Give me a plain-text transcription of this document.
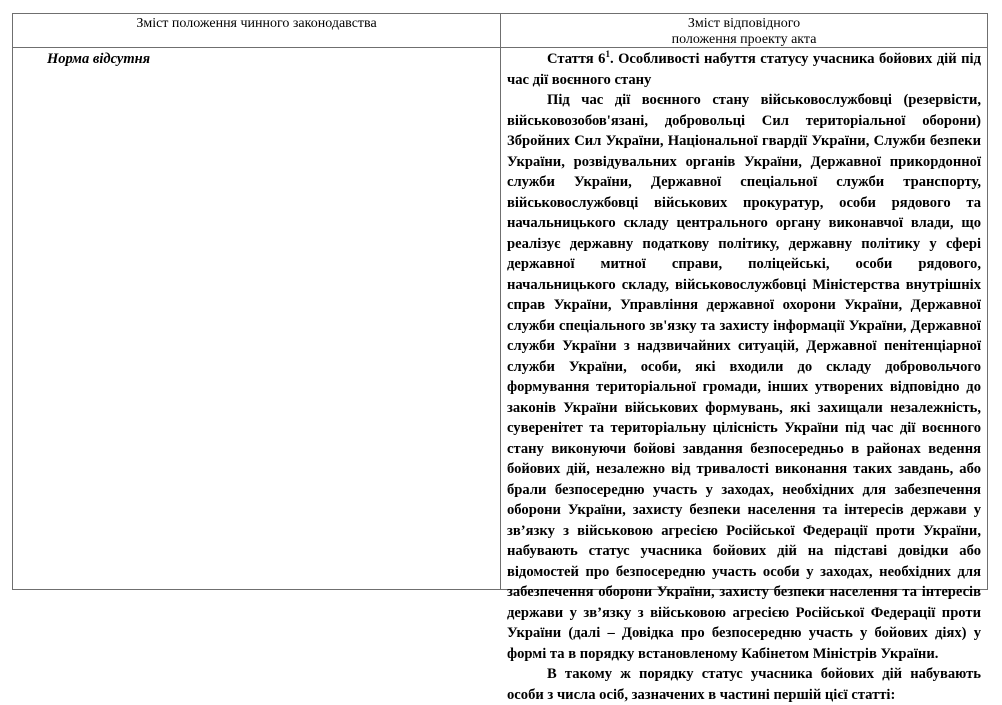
Зміст положення чинного законодавства	Зміст відповідного
положення проекту акта
Норма відсутня	Стаття $6^1$. Особливості набуття статусу учасника бойових дій під час дії воєнного стану

Під час дії воєнного стану військовослужбовці (резервісти, військовозобов'язані, добровольці Сил територіальної оборони) Збройних Сил України, Національної гвардії України, Служби безпеки України, розвідувальних органів України, Державної прикордонної служби України, Державної спеціальної служби транспорту, військовослужбовці військових прокуратур, особи рядового та начальницького складу центрального органу виконавчої влади, що реалізує державну податкову політику, державну політику у сфері державної митної справи, поліцейські, особи рядового, начальницького складу, військовослужбовці Міністерства внутрішніх справ України, Управління державної охорони України, Державної служби спеціального зв'язку та захисту інформації України, Державної служби України з надзвичайних ситуацій, Державної пенітенціарної служби України, особи, які входили до складу добровольчого формування територіальної громади, інших утворених відповідно до законів України військових формувань, які захищали незалежність, суверенітет та територіальну цілісність України під час дії воєнного стану виконуючи бойові завдання безпосередньо в районах ведення бойових дій, незалежно від тривалості виконання таких завдань, або брали безпосередню участь у заходах, необхідних для забезпечення оборони України, захисту безпеки населення та інтересів держави у зв’язку з військовою агресією Російської Федерації проти України, набувають статус учасника бойових дій на підставі довідки або відомостей про безпосередню участь особи у заходах, необхідних для забезпечення оборони України, захисту безпеки населення та інтересів держави у зв’язку з військовою агресією Російської Федерації проти України (далі – Довідка про безпосередню участь у бойових діях) у формі та в порядку встановленому Кабінетом Міністрів України.

В такому ж порядку статус учасника бойових дій набувають особи з числа осіб, зазначених в частині першій цієї статті:
